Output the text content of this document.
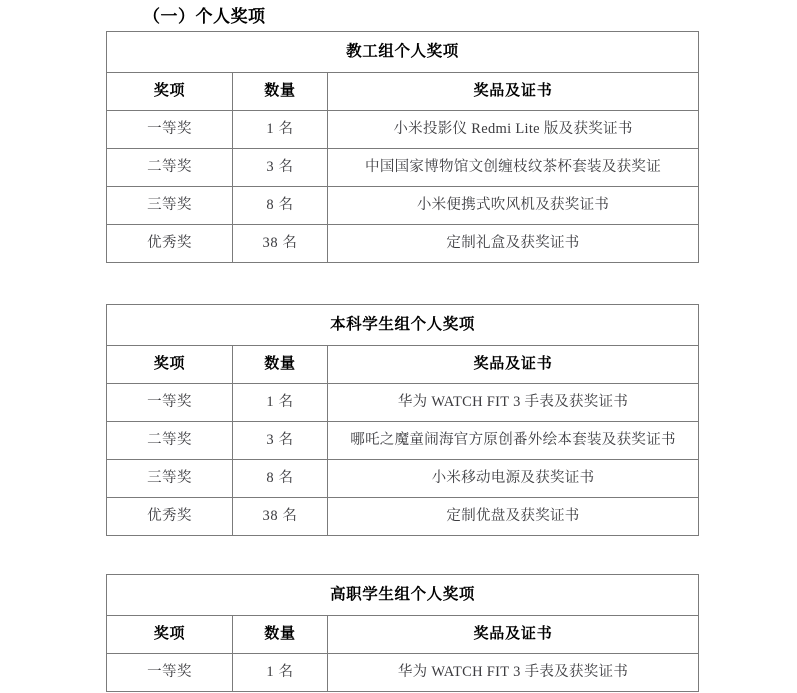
（一）个人奖项
教工组个人奖项		
奖项	数量	奖品及证书
一等奖	1 名	小米投影仪 Redmi Lite 版及获奖证书
二等奖	3 名	中国国家博物馆文创缠枝纹茶杯套装及获奖证
三等奖	8 名	小米便携式吹风机及获奖证书
优秀奖	38 名	定制礼盒及获奖证书
本科学生组个人奖项		
奖项	数量	奖品及证书
一等奖	1 名	华为 WATCH FIT 3 手表及获奖证书
二等奖	3 名	哪吒之魔童闹海官方原创番外绘本套装及获奖证书
三等奖	8 名	小米移动电源及获奖证书
优秀奖	38 名	定制优盘及获奖证书
高职学生组个人奖项		
奖项	数量	奖品及证书
一等奖	1 名	华为 WATCH FIT 3 手表及获奖证书
